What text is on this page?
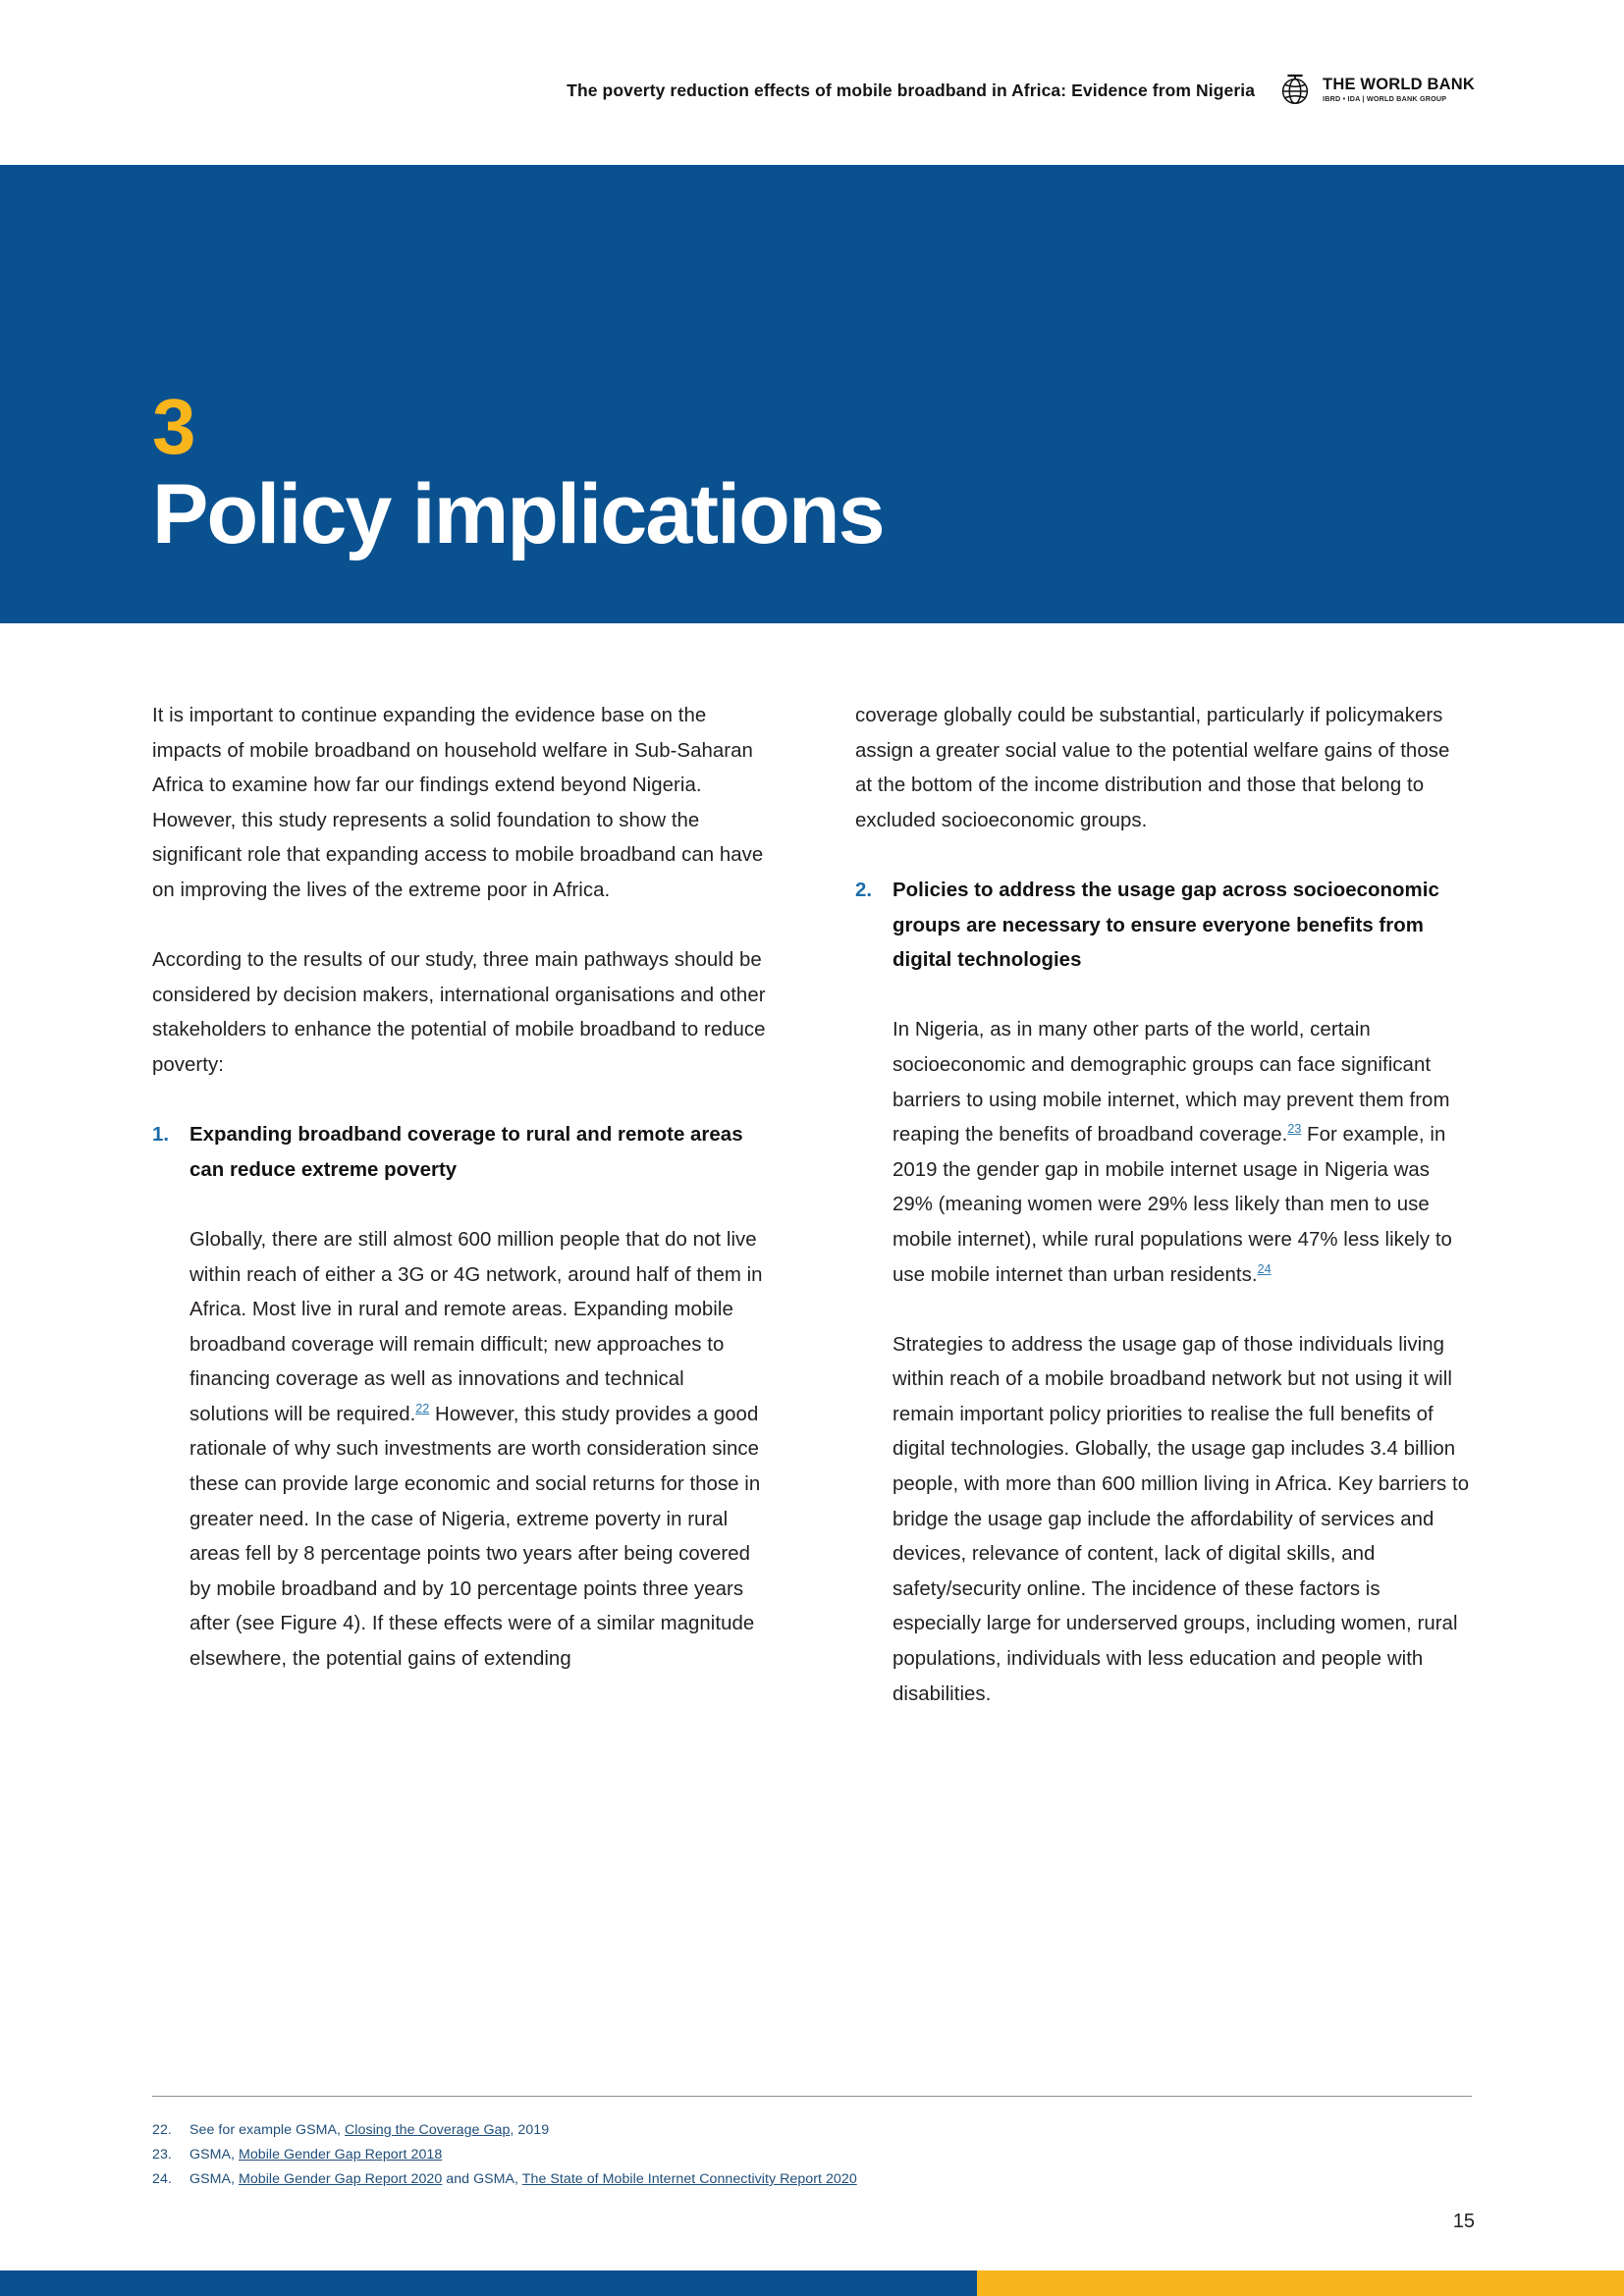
The poverty reduction effects of mobile broadband in Africa: Evidence from Nigeria	THE WORLD BANK
IBRD • IDA | WORLD BANK GROUP
3
Policy implications

It is important to continue expanding the evidence base on the impacts of mobile broadband on household welfare in Sub-Saharan Africa to examine how far our findings extend beyond Nigeria. However, this study represents a solid foundation to show the significant role that expanding access to mobile broadband can have on improving the lives of the extreme poor in Africa.

According to the results of our study, three main pathways should be considered by decision makers, international organisations and other stakeholders to enhance the potential of mobile broadband to reduce poverty:

1.	Expanding broadband coverage to rural and remote areas can reduce extreme poverty

Globally, there are still almost 600 million people that do not live within reach of either a 3G or 4G network, around half of them in Africa. Most live in rural and remote areas. Expanding mobile broadband coverage will remain difficult; new approaches to financing coverage as well as innovations and technical solutions will be required.$^{22}$ However, this study provides a good rationale of why such investments are worth consideration since these can provide large economic and social returns for those in greater need. In the case of Nigeria, extreme poverty in rural areas fell by 8 percentage points two years after being covered by mobile broadband and by 10 percentage points three years after (see Figure 4). If these effects were of a similar magnitude elsewhere, the potential gains of extending

coverage globally could be substantial, particularly if policymakers assign a greater social value to the potential welfare gains of those at the bottom of the income distribution and those that belong to excluded socioeconomic groups.

2.	Policies to address the usage gap across socioeconomic groups are necessary to ensure everyone benefits from digital technologies

In Nigeria, as in many other parts of the world, certain socioeconomic and demographic groups can face significant barriers to using mobile internet, which may prevent them from reaping the benefits of broadband coverage.$^{23}$ For example, in 2019 the gender gap in mobile internet usage in Nigeria was 29% (meaning women were 29% less likely than men to use mobile internet), while rural populations were 47% less likely to use mobile internet than urban residents.$^{24}$

Strategies to address the usage gap of those individuals living within reach of a mobile broadband network but not using it will remain important policy priorities to realise the full benefits of digital technologies. Globally, the usage gap includes 3.4 billion people, with more than 600 million living in Africa. Key barriers to bridge the usage gap include the affordability of services and devices, relevance of content, lack of digital skills, and safety/security online. The incidence of these factors is especially large for underserved groups, including women, rural populations, individuals with less education and people with disabilities.

22.	See for example GSMA, Closing the Coverage Gap, 2019
23.	GSMA, Mobile Gender Gap Report 2018
24.	GSMA, Mobile Gender Gap Report 2020 and GSMA, The State of Mobile Internet Connectivity Report 2020
15
